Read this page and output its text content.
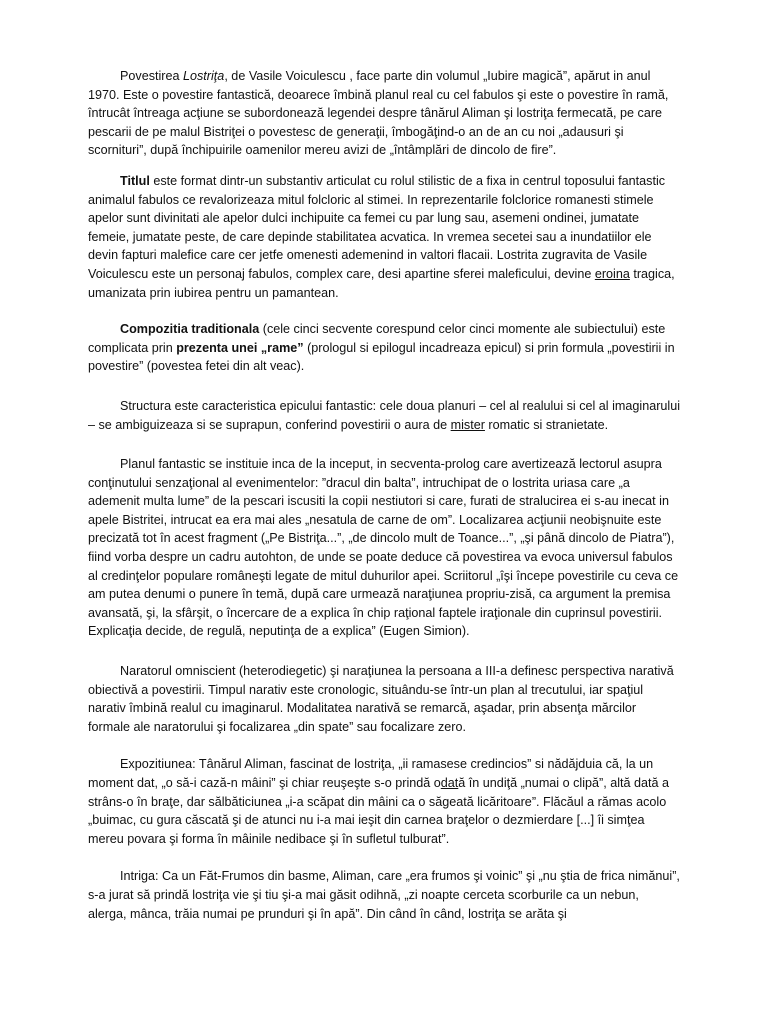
Povestirea Lostriţa, de Vasile Voiculescu , face parte din volumul „Iubire magică”, apărut in anul 1970. Este o povestire fantastică, deoarece îmbină planul real cu cel fabulos şi este o povestire în ramă, întrucât întreaga acţiune se subordonează legendei despre tânărul Aliman şi lostriţa fermecată, pe care pescarii de pe malul Bistriţei o povestesc de generaţii, îmbogăţind-o an de an cu noi „adausuri şi scornituri”, după închipuirile oamenilor mereu avizi de „întâmplări de dincolo de fire”.

Titlul este format dintr-un substantiv articulat cu rolul stilistic de a fixa in centrul toposului fantastic animalul fabulos ce revalorizeaza mitul folcloric al stimei. In reprezentarile folclorice romanesti stimele apelor sunt divinitati ale apelor dulci inchipuite ca femei cu par lung sau, asemeni ondinei, jumatate femeie, jumatate peste, de care depinde stabilitatea acvatica. In vremea secetei sau a inundatiilor ele devin fapturi malefice care cer jetfe omenesti ademenind in valtori flacaii. Lostrita zugravita de Vasile Voiculescu este un personaj fabulos, complex care, desi apartine sferei maleficului, devine eroina tragica, umanizata prin iubirea pentru un pamantean.

Compozitia traditionala (cele cinci secvente corespund celor cinci momente ale subiectului) este complicata prin prezenta unei „rame” (prologul si epilogul incadreaza epicul) si prin formula „povestirii in povestire” (povestea fetei din alt veac).

Structura este caracteristica epicului fantastic: cele doua planuri – cel al realului si cel al imaginarului – se ambiguizeaza si se suprapun, conferind povestirii o aura de mister romatic si stranietate.

Planul fantastic se instituie inca de la inceput, in secventa-prolog care avertizează lectorul asupra conţinutului senzaţional al evenimentelor: ”dracul din balta”, intruchipat de o lostrita uriasa care „a ademenit multa lume” de la pescari iscusiti la copii nestiutori si care, furati de stralucirea ei s-au inecat in apele Bistritei, intrucat ea era mai ales „nesatula de carne de om”. Localizarea acţiunii neobişnuite este precizată tot în acest fragment („Pe Bistriţa...”, „de dincolo mult de Toance...”, „şi până dincolo de Piatra”), fiind vorba despre un cadru autohton, de unde se poate deduce că povestirea va evoca universul fabulos al credinţelor populare româneşti legate de mitul duhurilor apei. Scriitorul „îşi începe povestirile cu ceva ce am putea denumi o punere în temă, după care urmează naraţiunea propriu-zisă, ca argument la premisa avansată, şi, la sfârşit, o încercare de a explica în chip raţional faptele iraţionale din cuprinsul povestirii. Explicaţia decide, de regulă, neputinţa de a explica” (Eugen Simion).

Naratorul omniscient (heterodiegetic) şi naraţiunea la persoana a III-a definesc perspectiva narativă obiectivă a povestirii. Timpul narativ este cronologic, situându-se într-un plan al trecutului, iar spaţiul narativ îmbină realul cu imaginarul. Modalitatea narativă se remarcă, aşadar, prin absenţa mărcilor formale ale naratorului şi focalizarea „din spate” sau focalizare zero.

Expozitiunea: Tânărul Aliman, fascinat de lostriţa, „ii ramasese credincios” si nădăjduia că, la un moment dat, „o să-i cază-n mâini” şi chiar reuşeşte s-o prindă odată în undiţă „numai o clipă”, altă dată a strâns-o în braţe, dar sălbăticiunea „i-a scăpat din mâini ca o săgeată licăritoare”. Flăcăul a rămas acolo „buimac, cu gura căscată şi de atunci nu i-a mai ieşit din carnea braţelor o dezmierdare [...] îi simţea mereu povara şi forma în mâinile nedibace şi în sufletul tulburat”.

Intriga: Ca un Făt-Frumos din basme, Aliman, care „era frumos şi voinic” şi „nu ştia de frica nimănui”, s-a jurat să prindă lostriţa vie şi tiu şi-a mai găsit odihnă, „zi noapte cerceta scorburile ca un nebun, alerga, mânca, trăia numai pe prunduri şi în apă”. Din când în când, lostriţa se arăta şi
